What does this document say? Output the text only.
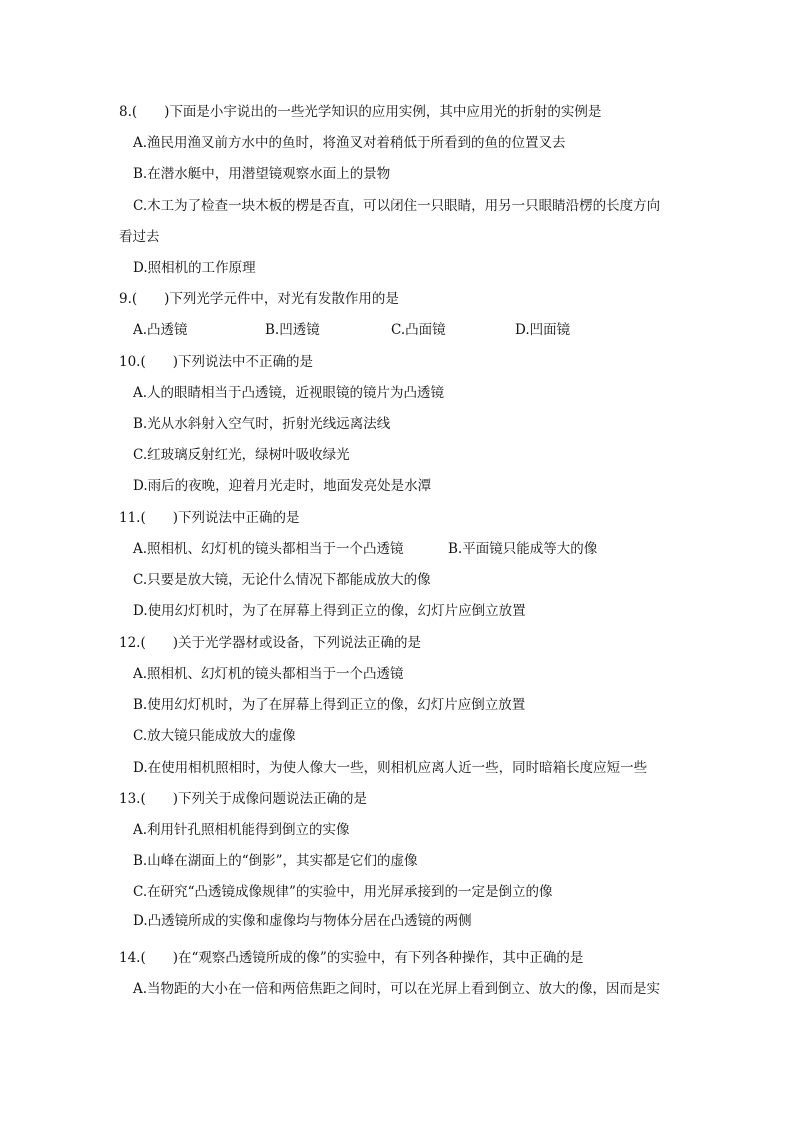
8.(　　)下面是小宇说出的一些光学知识的应用实例，其中应用光的折射的实例是
A.渔民用渔叉前方水中的鱼时，将渔叉对着稍低于所看到的鱼的位置叉去
B.在潜水艇中，用潜望镜观察水面上的景物
C.木工为了检查一块木板的楞是否直，可以闭住一只眼睛，用另一只眼睛沿楞的长度方向
看过去
D.照相机的工作原理
9.(　　)下列光学元件中，对光有发散作用的是
A.凸透镜	B.凹透镜	C.凸面镜	D.凹面镜
10.(　　)下列说法中不正确的是
A.人的眼睛相当于凸透镜，近视眼镜的镜片为凸透镜
B.光从水斜射入空气时，折射光线远离法线
C.红玻璃反射红光，绿树叶吸收绿光
D.雨后的夜晚，迎着月光走时，地面发亮处是水潭
11.(　　)下列说法中正确的是
A.照相机、幻灯机的镜头都相当于一个凸透镜	B.平面镜只能成等大的像
C.只要是放大镜，无论什么情况下都能成放大的像
D.使用幻灯机时，为了在屏幕上得到正立的像，幻灯片应倒立放置
12.(　　)关于光学器材或设备，下列说法正确的是
A.照相机、幻灯机的镜头都相当于一个凸透镜
B.使用幻灯机时，为了在屏幕上得到正立的像，幻灯片应倒立放置
C.放大镜只能成放大的虚像
D.在使用相机照相时，为使人像大一些，则相机应离人近一些，同时暗箱长度应短一些
13.(　　)下列关于成像问题说法正确的是
A.利用针孔照相机能得到倒立的实像
B.山峰在湖面上的“倒影”，其实都是它们的虚像
C.在研究“凸透镜成像规律”的实验中，用光屏承接到的一定是倒立的像
D.凸透镜所成的实像和虚像均与物体分居在凸透镜的两侧
14.(　　)在“观察凸透镜所成的像”的实验中，有下列各种操作，其中正确的是
A.当物距的大小在一倍和两倍焦距之间时，可以在光屏上看到倒立、放大的像，因而是实
